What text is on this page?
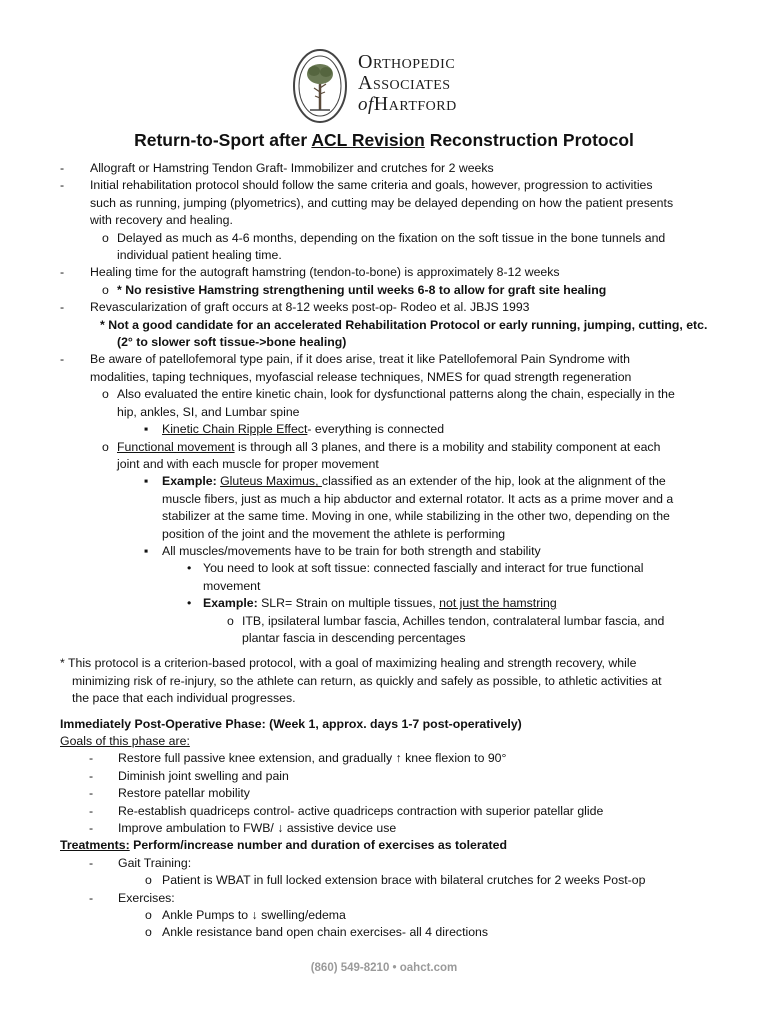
Orthopedic
Associates
ofHartford
Return-to-Sport after ACL Revision Reconstruction Protocol
- Allograft or Hamstring Tendon Graft- Immobilizer and crutches for 2 weeks
- Initial rehabilitation protocol should follow the same criteria and goals, however, progression to activities
such as running, jumping (plyometrics), and cutting may be delayed depending on how the patient presents
with recovery and healing.
o Delayed as much as 4-6 months, depending on the fixation on the soft tissue in the bone tunnels and
individual patient healing time.
- Healing time for the autograft hamstring (tendon-to-bone) is approximately 8-12 weeks
o * No resistive Hamstring strengthening until weeks 6-8 to allow for graft site healing
- Revascularization of graft occurs at 8-12 weeks post-op- Rodeo et al. JBJS 1993
* Not a good candidate for an accelerated Rehabilitation Protocol or early running, jumping, cutting, etc.
(2° to slower soft tissue->bone healing)
- Be aware of patellofemoral type pain, if it does arise, treat it like Patellofemoral Pain Syndrome with
modalities, taping techniques, myofascial release techniques, NMES for quad strength regeneration
o Also evaluated the entire kinetic chain, look for dysfunctional patterns along the chain, especially in the
hip, ankles, SI, and Lumbar spine
▪ Kinetic Chain Ripple Effect- everything is connected
o Functional movement is through all 3 planes, and there is a mobility and stability component at each
joint and with each muscle for proper movement
▪ Example: Gluteus Maximus, classified as an extender of the hip, look at the alignment of the
muscle fibers, just as much a hip abductor and external rotator. It acts as a prime mover and a
stabilizer at the same time. Moving in one, while stabilizing in the other two, depending on the
position of the joint and the movement the athlete is performing
▪ All muscles/movements have to be train for both strength and stability
• You need to look at soft tissue: connected fascially and interact for true functional
movement
• Example: SLR= Strain on multiple tissues, not just the hamstring
o ITB, ipsilateral lumbar fascia, Achilles tendon, contralateral lumbar fascia, and
plantar fascia in descending percentages
* This protocol is a criterion-based protocol, with a goal of maximizing healing and strength recovery, while
minimizing risk of re-injury, so the athlete can return, as quickly and safely as possible, to athletic activities at
the pace that each individual progresses.
Immediately Post-Operative Phase: (Week 1, approx. days 1-7 post-operatively)
Goals of this phase are:
- Restore full passive knee extension, and gradually ↑ knee flexion to 90°
- Diminish joint swelling and pain
- Restore patellar mobility
- Re-establish quadriceps control- active quadriceps contraction with superior patellar glide
- Improve ambulation to FWB/ ↓ assistive device use
Treatments: Perform/increase number and duration of exercises as tolerated
- Gait Training:
o Patient is WBAT in full locked extension brace with bilateral crutches for 2 weeks Post-op
- Exercises:
o Ankle Pumps to ↓ swelling/edema
o Ankle resistance band open chain exercises- all 4 directions
(860) 549-8210 • oahct.com
